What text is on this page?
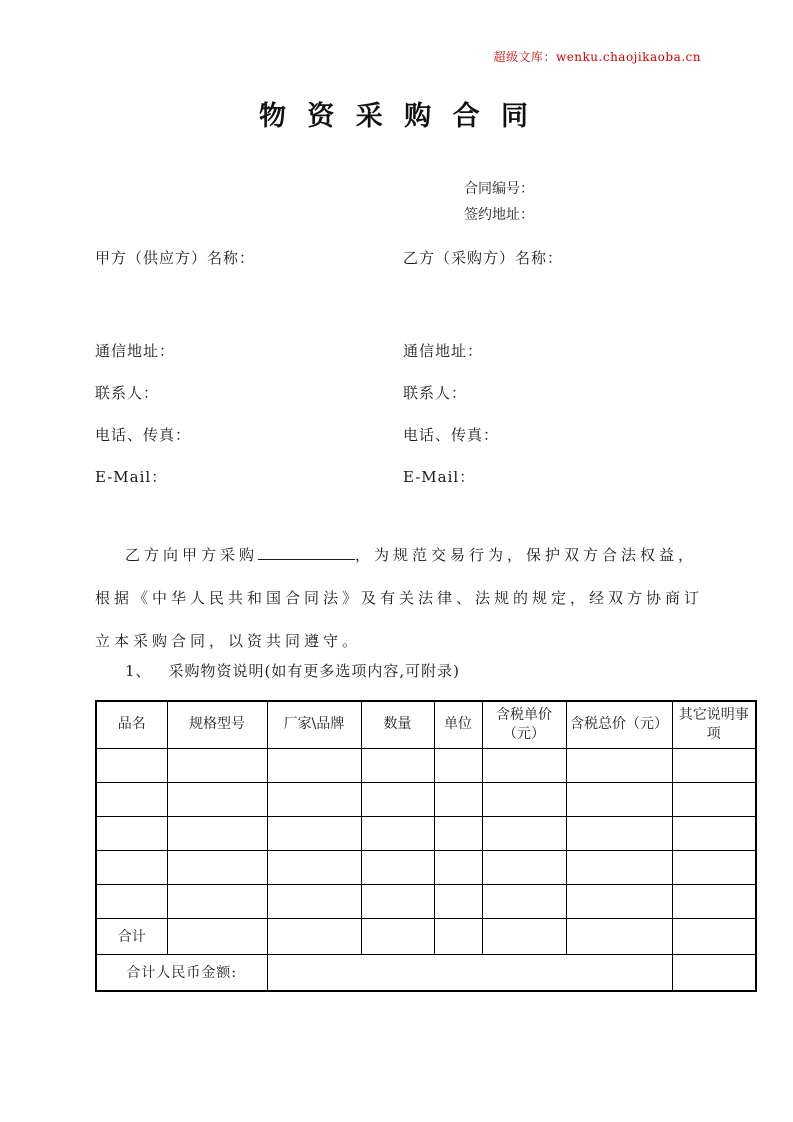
超级文库：wenku.chaojikaoba.cn
物 资 采 购 合 同
合同编号：
签约地址：
甲方（供应方）名称：	乙方（采购方）名称：
通信地址：	通信地址：
联系人：	联系人：
电话、传真：	电话、传真：
E-Mail：	E-Mail：
乙方向甲方采购	，为规范交易行为，保护双方合法权益，
根据《中华人民共和国合同法》及有关法律、法规的规定，经双方协商订
立本采购合同，以资共同遵守。
1、 采购物资说明(如有更多选项内容,可附录)
品名	规格型号	厂家\品牌	数量	单位	含税单价（元）	含税总价（元）	其它说明事项

合计							
合计人民币金额:							
